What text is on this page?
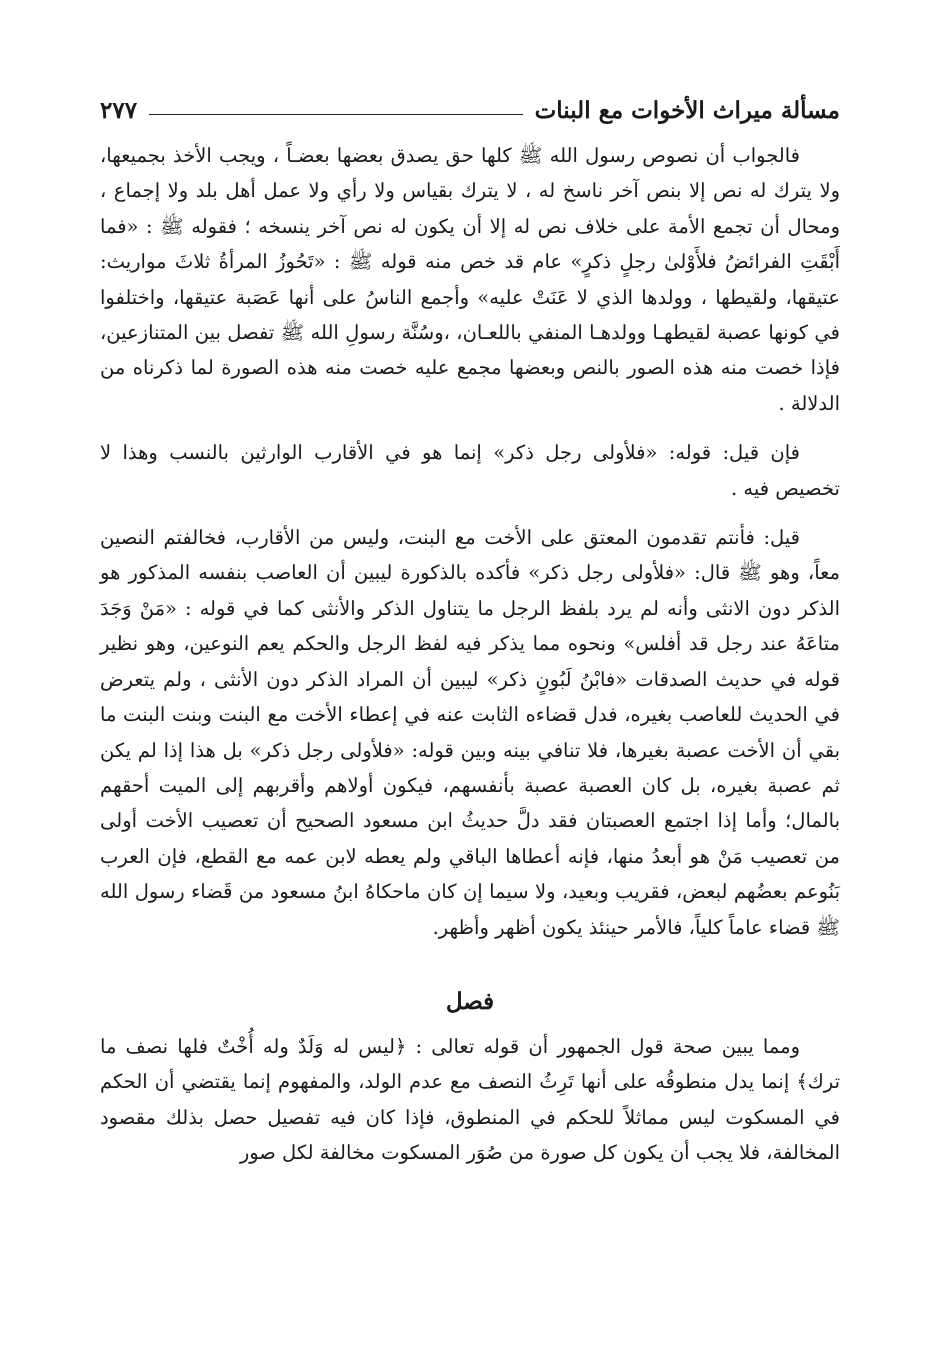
مسألة ميراث الأخوات مع البنات
٢٧٧

فالجواب أن نصوص رسول الله ﷺ كلها حق يصدق بعضها بعضـاً ، ويجب الأخذ بجميعها، ولا يترك له نص إلا بنص آخر ناسخ له ، لا يترك بقياس ولا رأي ولا عمل أهل بلد ولا إجماع ، ومحال أن تجمع الأمة على خلاف نص له إلا أن يكون له نص آخر ينسخه ؛ فقوله ﷺ : «فما أَبْقَتِ الفرائضُ فلأَوْلىٰ رجلٍ ذكرٍ» عام قد خص منه قوله ﷺ : «تَحُوزُ المرأةُ ثلاثَ مواريث: عتيقها، ولقيطها ، وولدها الذي لا عَنَتْ عليه» وأجمع الناسُ على أنها عَصَبة عتيقها، واختلفوا في كونها عصبة لقيطهـا وولدهـا المنفي باللعـان، ،وسُنَّة رسولِ الله ﷺ تفصل بين المتنازعين، فإذا خصت منه هذه الصور بالنص وبعضها مجمع عليه خصت منه هذه الصورة لما ذكرناه من الدلالة .

فإن قيل: قوله: «فلأولى رجل ذكر» إنما هو في الأقارب الوارثين بالنسب وهذا لا تخصيص فيه .

قيل: فأنتم تقدمون المعتق على الأخت مع البنت، وليس من الأقارب، فخالفتم النصين معاً، وهو ﷺ قال: «فلأولى رجل ذكر» فأكده بالذكورة ليبين أن العاصب بنفسه المذكور هو الذكر دون الانثى وأنه لم يرد بلفظ الرجل ما يتناول الذكر والأنثى كما في قوله : «مَنْ وَجَدَ متاعَهُ عند رجل قد أفلس» ونحوه مما يذكر فيه لفظ الرجل والحكم يعم النوعين، وهو نظير قوله في حديث الصدقات «فابْنُ لَبُونٍ ذكر» ليبين أن المراد الذكر دون الأنثى ، ولم يتعرض في الحديث للعاصب بغيره، فدل قضاءه الثابت عنه في إعطاء الأخت مع البنت وبنت البنت ما بقي أن الأخت عصبة بغيرها، فلا تنافي بينه وبين قوله: «فلأولى رجل ذكر» بل هذا إذا لم يكن ثم عصبة بغيره، بل كان العصبة عصبة بأنفسهم، فيكون أولاهم وأقربهم إلى الميت أحقهم بالمال؛ وأما إذا اجتمع العصبتان فقد دلَّ حديثُ ابن مسعود الصحيح أن تعصيب الأخت أولى من تعصيب مَنْ هو أبعدُ منها، فإنه أعطاها الباقي ولم يعطه لابن عمه مع القطع، فإن العرب بَنُوعم بعضُهم لبعض، فقريب وبعيد، ولا سيما إن كان ماحكاهُ ابنُ مسعود من قَضاء رسول الله ﷺ قضاء عاماً كلياً، فالأمر حينئذ يكون أظهر وأظهر.

فصل

ومما يبين صحة قول الجمهور أن قوله تعالى : ﴿ليس له وَلَدٌ وله أُخْتٌ فلها نصف ما ترك﴾ إنما يدل منطوقُه على أنها تَرِثُ النصف مع عدم الولد، والمفهوم إنما يقتضي أن الحكم في المسكوت ليس مماثلاً للحكم في المنطوق، فإذا كان فيه تفصيل حصل بذلك مقصود المخالفة، فلا يجب أن يكون كل صورة من صُوَر المسكوت مخالفة لكل صور
